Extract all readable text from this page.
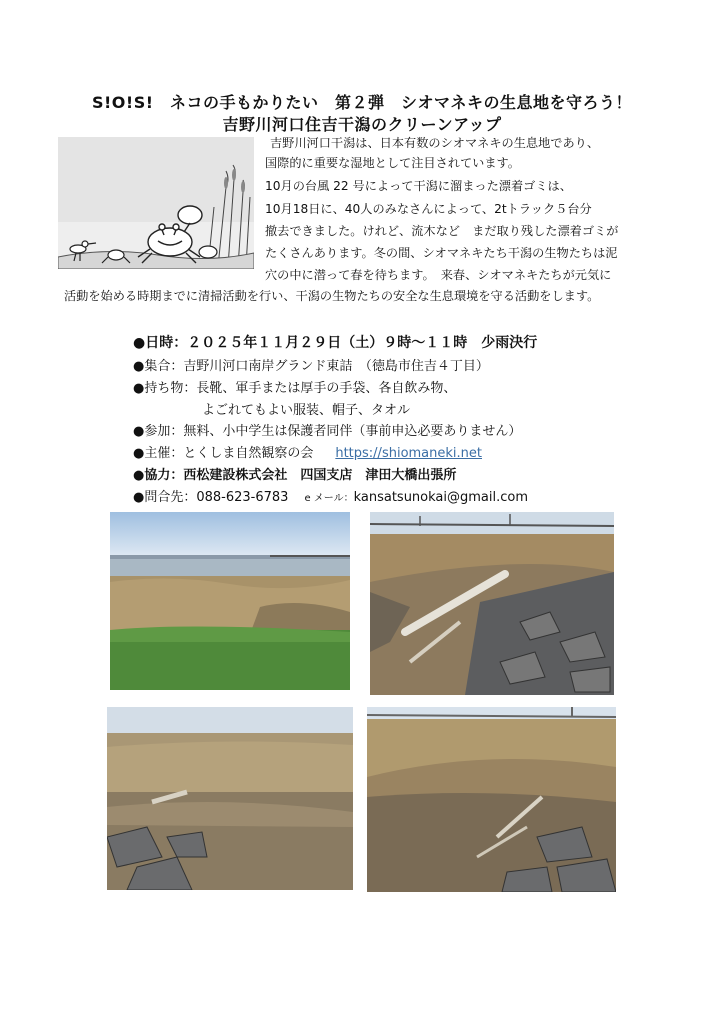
S!O!S!　ネコの手もかりたい　第２弾　シオマネキの生息地を守ろう！
吉野川河口住吉干潟のクリーンアップ
吉野川河口干潟は、日本有数のシオマネキの生息地であり、
国際的に重要な湿地として注目されています。
10月の台風 22 号によって干潟に溜まった漂着ゴミは、
10月18日に、40人のみなさんによって、2tトラック５台分
撤去できました。けれど、流木など　まだ取り残した漂着ゴミが
たくさんあります。冬の間、シオマネキたち干潟の生物たちは泥
穴の中に潜って春を待ちます。　来春、シオマネキたちが元気に
活動を始める時期までに清掃活動を行い、干潟の生物たちの安全な生息環境を守る活動をします。
●日時：２０２５年１１月２９日（土）９時〜１１時　少雨決行
●集合：吉野川河口南岸グランド東詰　（徳島市住吉４丁目）
●持ち物：長靴、軍手または厚手の手袋、各自飲み物、
よごれてもよい服装、帽子、タオル
●参加：無料、小中学生は保護者同伴（事前申込必要ありません）
●主催：とくしま自然観察の会 https://shiomaneki.net
●協力：西松建設株式会社　四国支店　津田大橋出張所
●問合先：088-623-6783 e メール：kansatsunokai@gmail.com
